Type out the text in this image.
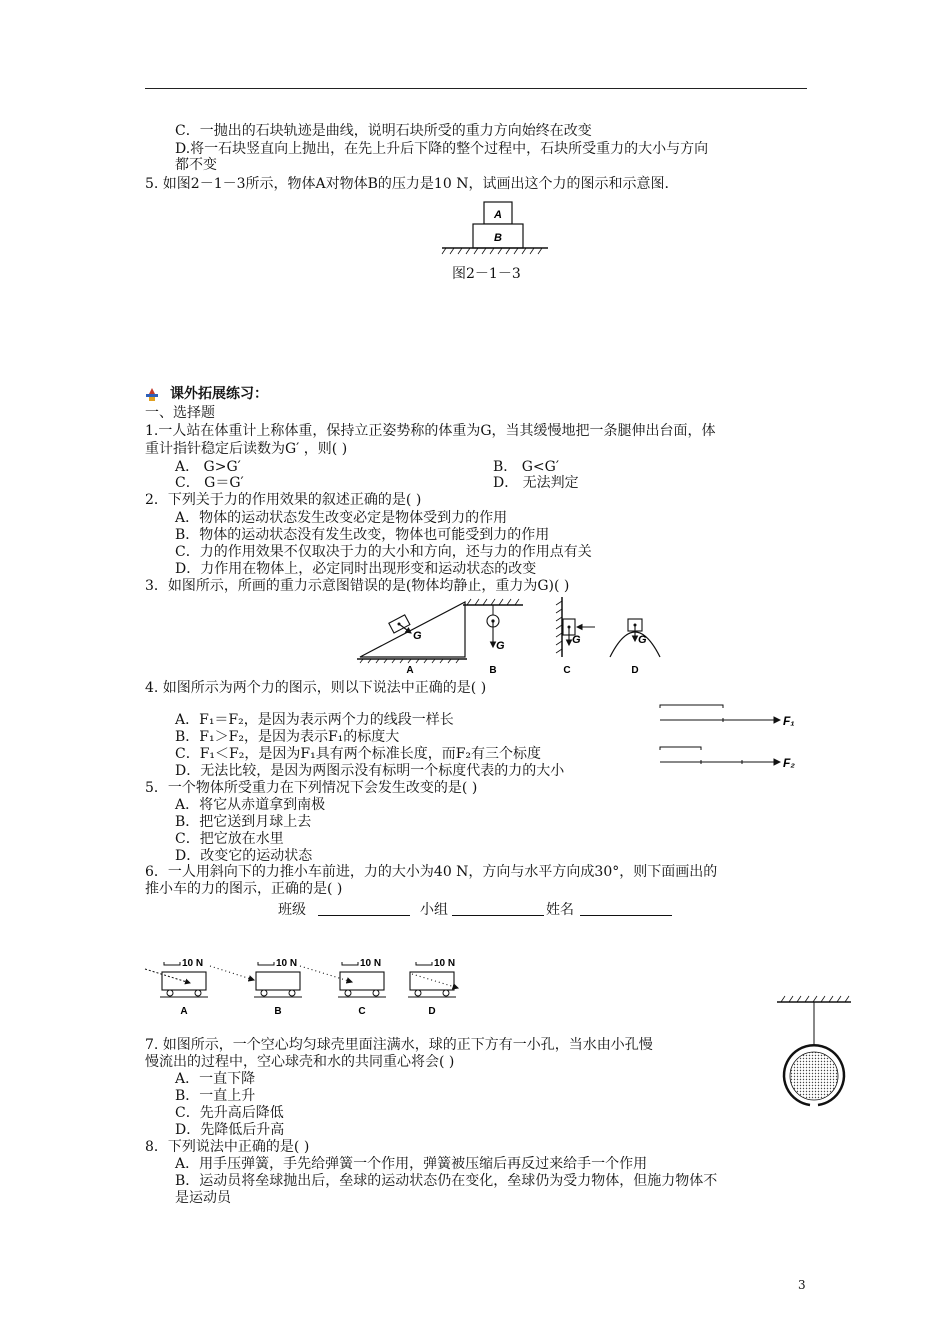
C．一抛出的石块轨迹是曲线，说明石块所受的重力方向始终在改变
D.将一石块竖直向上抛出，在先上升后下降的整个过程中，石块所受重力的大小与方向
都不变
5. 如图2－1－3所示，物体A对物体B的压力是10 N，试画出这个力的图示和示意图.
A
B
图2－1－3
课外拓展练习：
一、选择题
1.一人站在体重计上称体重，保持立正姿势称的体重为G，当其缓慢地把一条腿伸出台面，体
重计指针稳定后读数为G′ ，则( )
A． G>G′	B． G<G′
C． G＝G′	D． 无法判定
2．下列关于力的作用效果的叙述正确的是( )
A．物体的运动状态发生改变必定是物体受到力的作用
B．物体的运动状态没有发生改变，物体也可能受到力的作用
C．力的作用效果不仅取决于力的大小和方向，还与力的作用点有关
D．力作用在物体上，必定同时出现形变和运动状态的改变
3．如图所示，所画的重力示意图错误的是(物体均静止，重力为G)( )
G
A
G
B
G
C
G
D
4. 如图所示为两个力的图示，则以下说法中正确的是( )
A．F₁＝F₂，是因为表示两个力的线段一样长
B．F₁＞F₂，是因为表示F₁的标度大
C．F₁＜F₂，是因为F₁具有两个标准长度，而F₂有三个标度
D．无法比较，是因为两图示没有标明一个标度代表的力的大小
F₁
F₂
5．一个物体所受重力在下列情况下会发生改变的是( )
A．将它从赤道拿到南极
B．把它送到月球上去
C．把它放在水里
D．改变它的运动状态
6．一人用斜向下的力推小车前进，力的大小为40 N，方向与水平方向成30°，则下面画出的
推小车的力的图示，正确的是( )
班级	小组	姓名
10 N
A
10 N
B
10 N
C
10 N
D
7. 如图所示，一个空心均匀球壳里面注满水，球的正下方有一小孔，当水由小孔慢
慢流出的过程中，空心球壳和水的共同重心将会( )
A．一直下降
B．一直上升
C．先升高后降低
D．先降低后升高
8．下列说法中正确的是( )
A．用手压弹簧，手先给弹簧一个作用，弹簧被压缩后再反过来给手一个作用
B．运动员将垒球抛出后，垒球的运动状态仍在变化，垒球仍为受力物体，但施力物体不
是运动员
3
